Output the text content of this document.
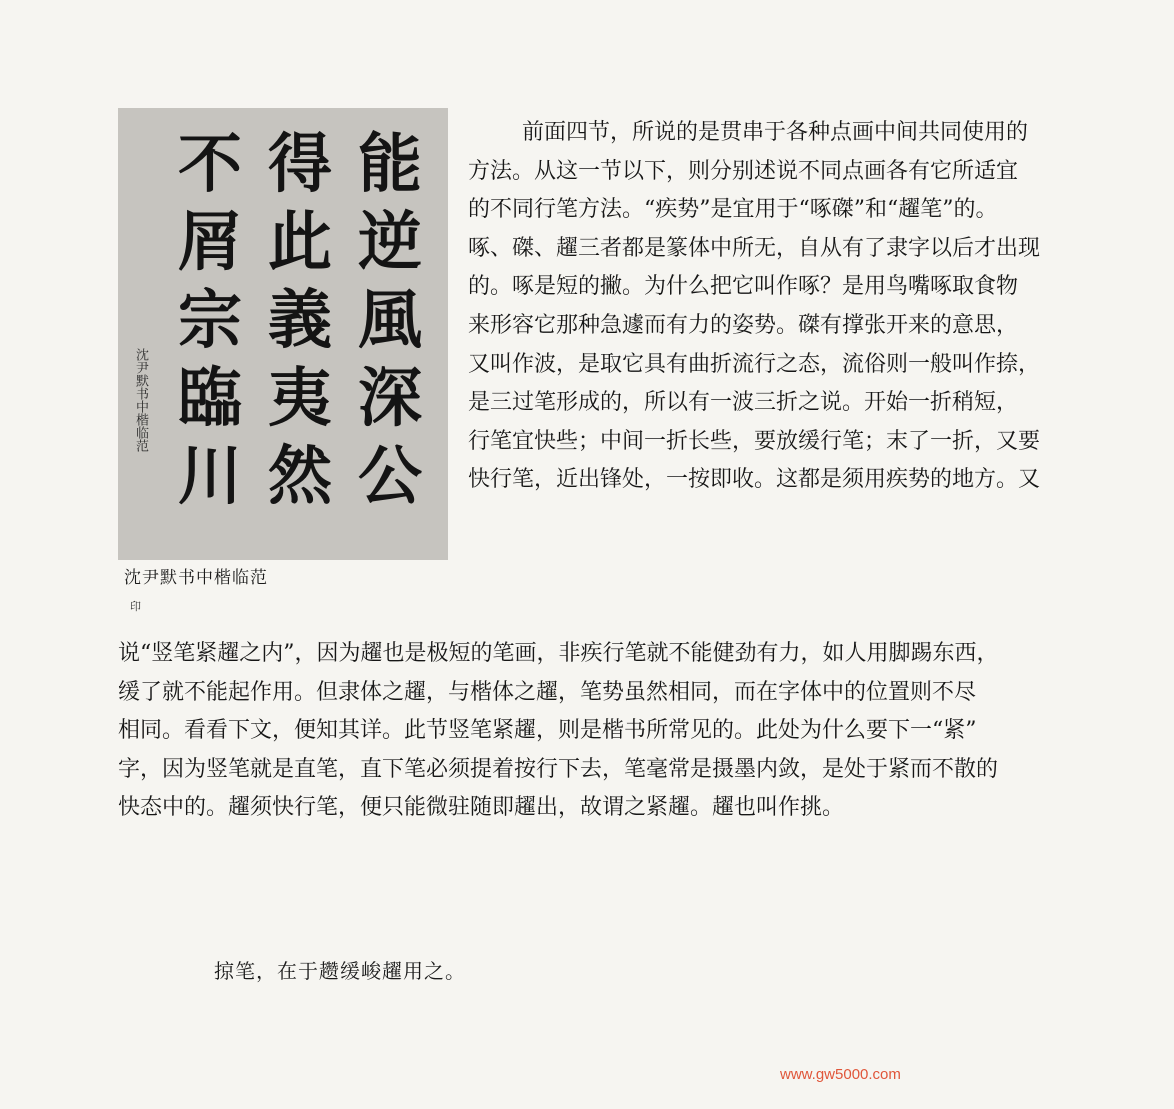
能
逆
風
深
公
得
此
義
夷
然
不
屑
宗
臨
川
沈尹默书中楷临范
印
沈尹默书中楷临范

前面四节，所说的是贯串于各种点画中间共同使用的
方法。从这一节以下，则分别述说不同点画各有它所适宜
的不同行笔方法。“疾势”是宜用于“啄磔”和“趯笔”的。
啄、磔、趯三者都是篆体中所无，自从有了隶字以后才出现
的。啄是短的撇。为什么把它叫作啄？是用鸟嘴啄取食物
来形容它那种急遽而有力的姿势。磔有撑张开来的意思，
又叫作波，是取它具有曲折流行之态，流俗则一般叫作捺，
是三过笔形成的，所以有一波三折之说。开始一折稍短，
行笔宜快些；中间一折长些，要放缓行笔；末了一折，又要
快行笔，近出锋处，一按即收。这都是须用疾势的地方。又

说“竖笔紧趯之内”，因为趯也是极短的笔画，非疾行笔就不能健劲有力，如人用脚踢东西，
缓了就不能起作用。但隶体之趯，与楷体之趯，笔势虽然相同，而在字体中的位置则不尽
相同。看看下文，便知其详。此节竖笔紧趯，则是楷书所常见的。此处为什么要下一“紧”
字，因为竖笔就是直笔，直下笔必须提着按行下去，笔毫常是摄墨内敛，是处于紧而不散的
快态中的。趯须快行笔，便只能微驻随即趯出，故谓之紧趯。趯也叫作挑。

掠笔，在于趱缓峻趯用之。
www.gw5000.com
